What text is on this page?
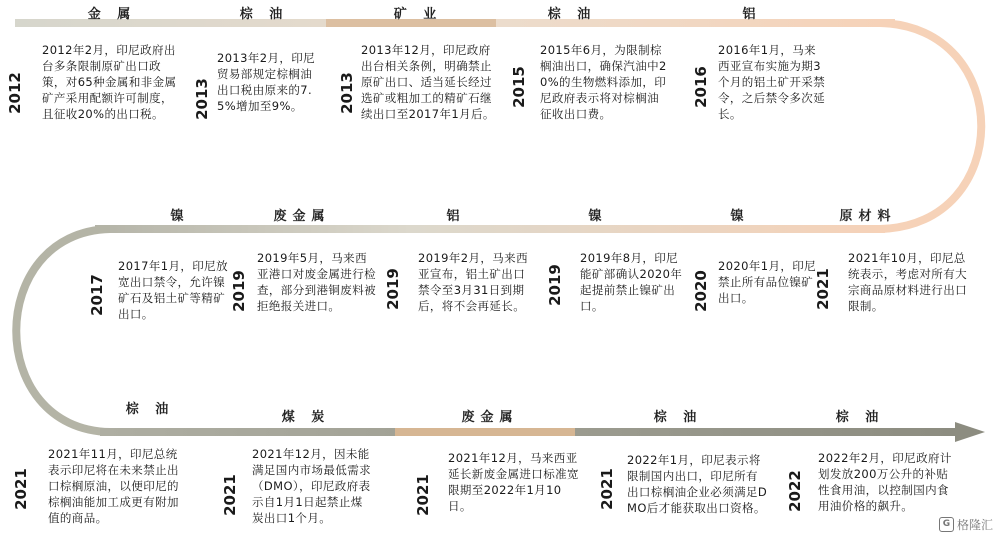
金 属
2012
2012年2月，印尼政府出台多条限制原矿出口政策，对65种金属和非金属矿产采用配额许可制度，且征收20%的出口税。
棕 油
2013
2013年2月，印尼贸易部规定棕榈油出口税由原来的7.5%增加至9%。
矿 业
2013
2013年12月，印尼政府出台相关条例，明确禁止原矿出口、适当延长经过选矿或粗加工的精矿石继续出口至2017年1月后。
棕 油
2015
2015年6月，为限制棕榈油出口，确保汽油中20%的生物燃料添加，印尼政府表示将对棕榈油征收出口费。
铝
2016
2016年1月，马来西亚宣布实施为期3个月的铝土矿开采禁令，之后禁令多次延长。
镍
2017
2017年1月，印尼放宽出口禁令，允许镍矿石及铝土矿等精矿出口。
废金属
2019
2019年5月，马来西亚港口对废金属进行检查，部分到港铜废料被拒绝报关进口。
铝
2019
2019年2月，马来西亚宣布，铝土矿出口禁令至3月31日到期后，将不会再延长。
镍
2019
2019年8月，印尼能矿部确认2020年起提前禁止镍矿出口。
镍
2020
2020年1月，印尼禁止所有品位镍矿出口。
原材料
2021
2021年10月，印尼总统表示，考虑对所有大宗商品原材料进行出口限制。
棕 油
2021
2021年11月，印尼总统表示印尼将在未来禁止出口棕榈原油，以便印尼的棕榈油能加工成更有附加值的商品。
煤 炭
2021
2021年12月，因未能满足国内市场最低需求（DMO），印尼政府表示自1月1日起禁止煤炭出口1个月。
废金属
2021
2021年12月，马来西亚延长新废金属进口标准宽限期至2022年1月10日。
棕 油
2021
2022年1月，印尼表示将限制国内出口，印尼所有出口棕榈油企业必须满足DMO后才能获取出口资格。
棕 油
2022
2022年2月，印尼政府计划发放200万公升的补贴性食用油，以控制国内食用油价格的飙升。
G 格隆汇
